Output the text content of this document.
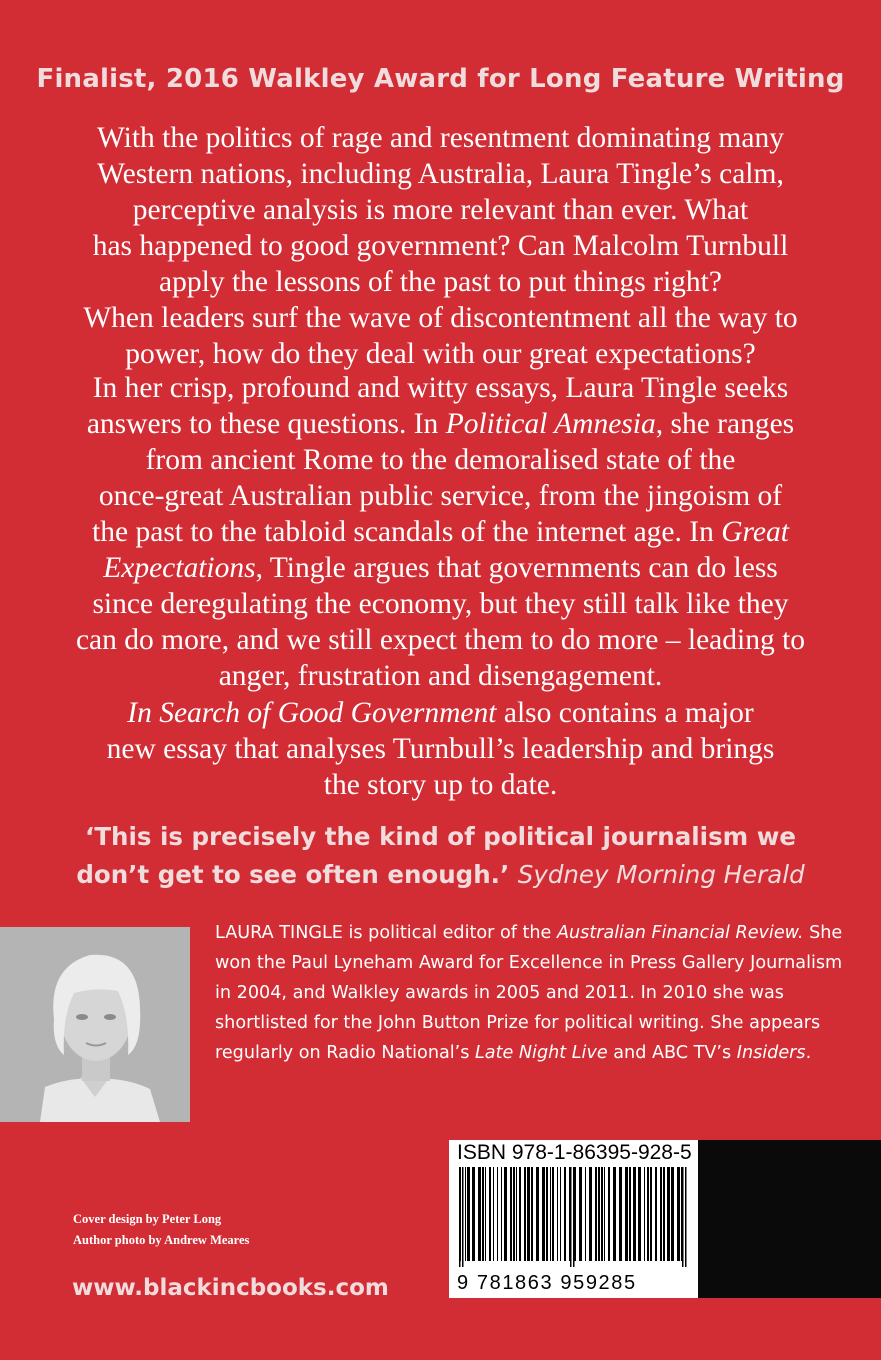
Finalist, 2016 Walkley Award for Long Feature Writing
With the politics of rage and resentment dominating many
Western nations, including Australia, Laura Tingle’s calm,
perceptive analysis is more relevant than ever. What
has happened to good government? Can Malcolm Turnbull
apply the lessons of the past to put things right?
When leaders surf the wave of discontentment all the way to
power, how do they deal with our great expectations?
In her crisp, profound and witty essays, Laura Tingle seeks
answers to these questions. In Political Amnesia, she ranges
from ancient Rome to the demoralised state of the
once-great Australian public service, from the jingoism of
the past to the tabloid scandals of the internet age. In Great
Expectations, Tingle argues that governments can do less
since deregulating the economy, but they still talk like they
can do more, and we still expect them to do more – leading to
anger, frustration and disengagement.
In Search of Good Government also contains a major
new essay that analyses Turnbull’s leadership and brings
the story up to date.
‘This is precisely the kind of political journalism we
don’t get to see often enough.’ Sydney Morning Herald

LAURA TINGLE is political editor of the Australian Financial Review. She won the Paul Lyneham Award for Excellence in Press Gallery Journalism in 2004, and Walkley awards in 2005 and 2011. In 2010 she was shortlisted for the John Button Prize for political writing. She appears regularly on Radio National’s Late Night Live and ABC TV’s Insiders.

ISBN 978-1-86395-928-5
9 781863 959285
Cover design by Peter Long
Author photo by Andrew Meares
www.blackincbooks.com
